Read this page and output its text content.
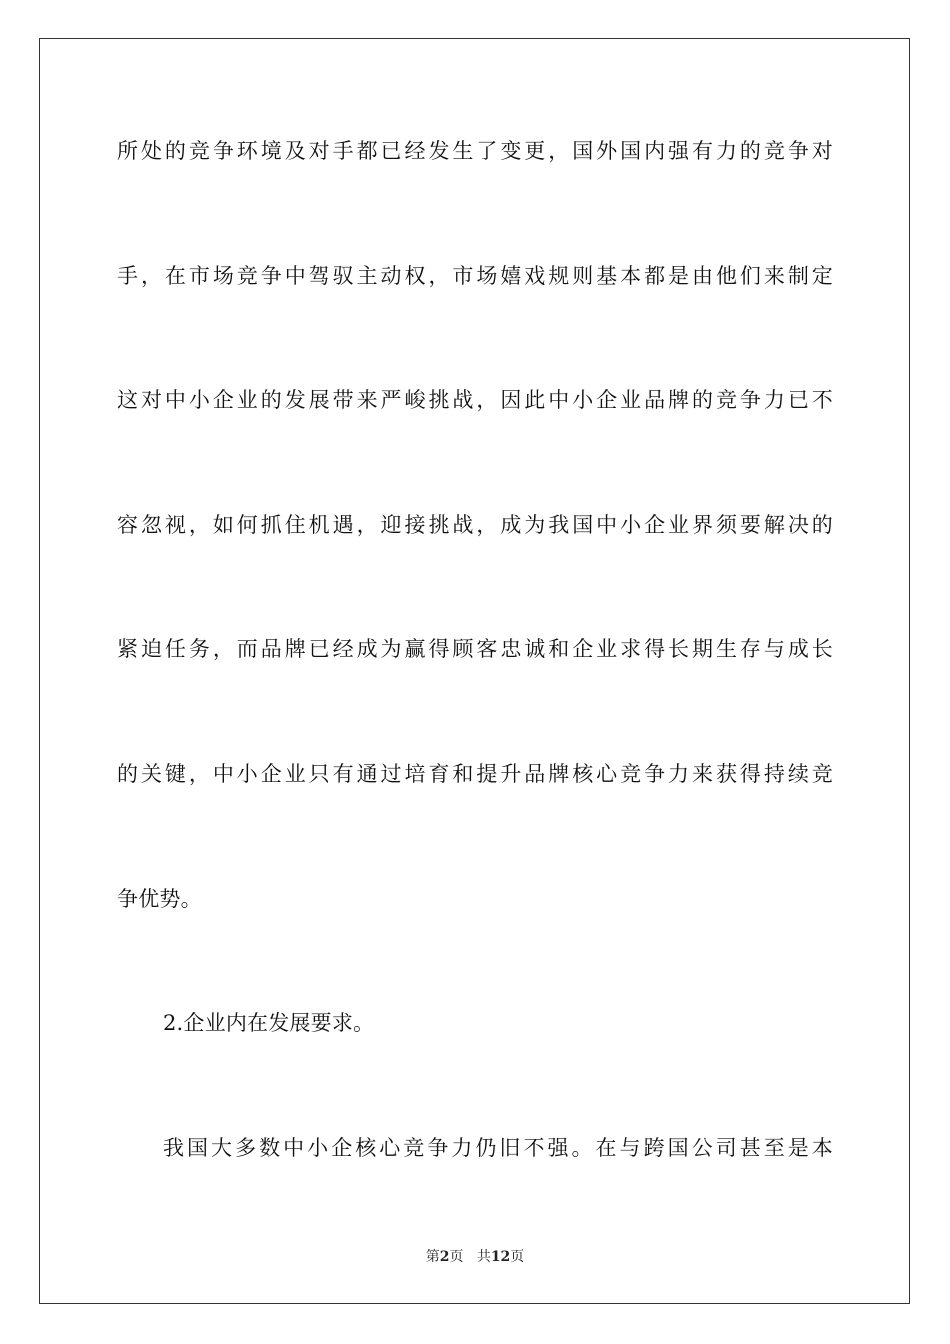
所处的竞争环境及对手都已经发生了变更，国外国内强有力的竞争对
手，在市场竞争中驾驭主动权，市场嬉戏规则基本都是由他们来制定
这对中小企业的发展带来严峻挑战，因此中小企业品牌的竞争力已不
容忽视，如何抓住机遇，迎接挑战，成为我国中小企业界须要解决的
紧迫任务，而品牌已经成为赢得顾客忠诚和企业求得长期生存与成长
的关键，中小企业只有通过培育和提升品牌核心竞争力来获得持续竞
争优势。
2.企业内在发展要求。
我国大多数中小企核心竞争力仍旧不强。在与跨国公司甚至是本
第2页 共12页
